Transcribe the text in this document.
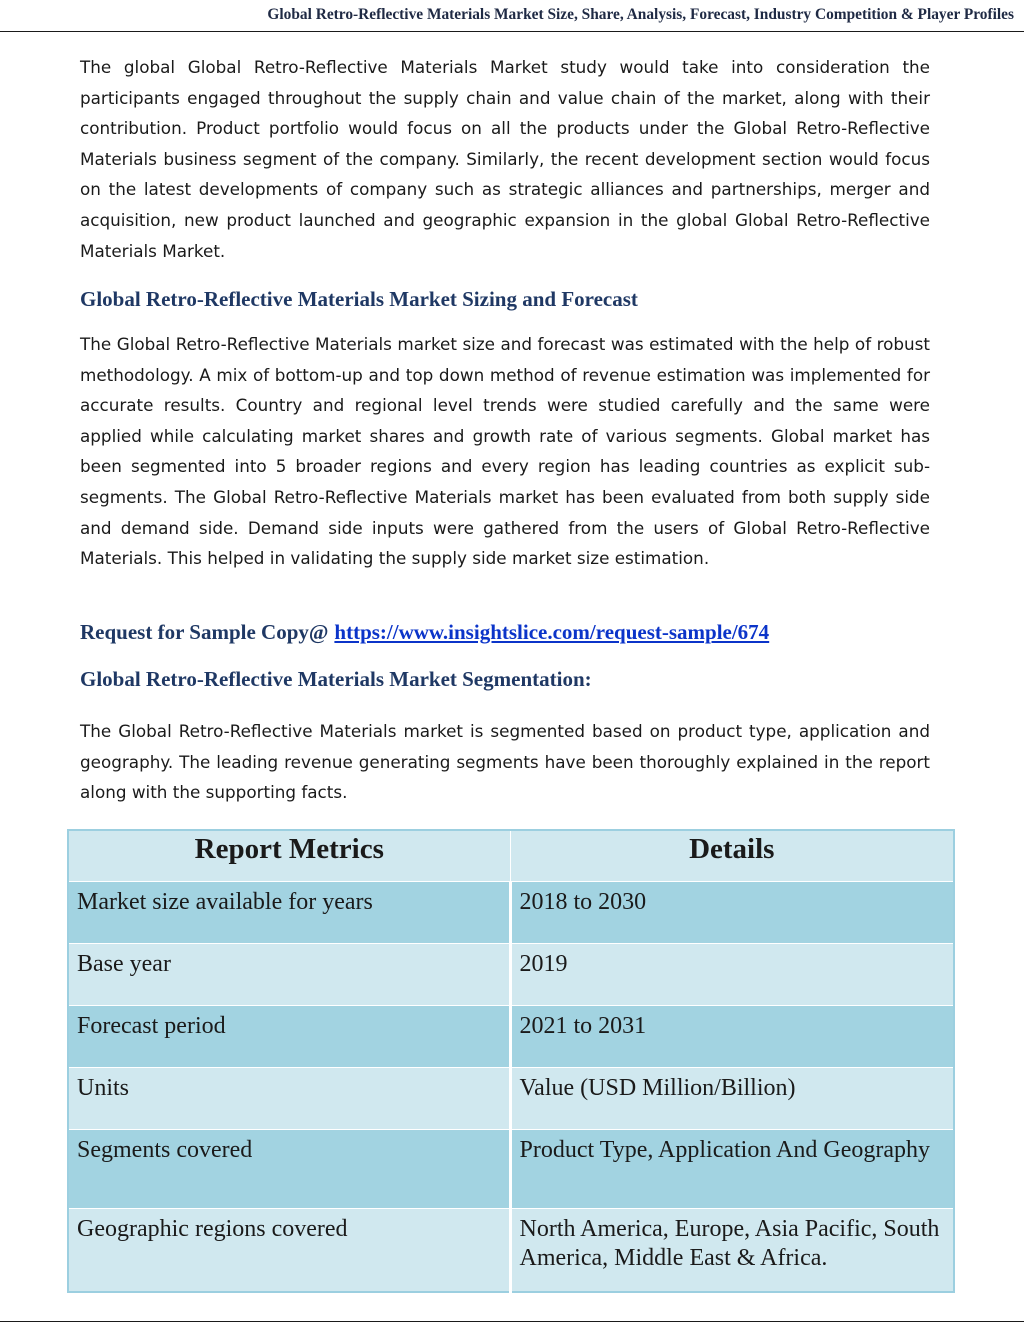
Global Retro-Reflective Materials Market Size, Share, Analysis, Forecast, Industry Competition & Player Profiles

The global Global Retro-Reflective Materials Market study would take into consideration the participants engaged throughout the supply chain and value chain of the market, along with their contribution. Product portfolio would focus on all the products under the Global Retro-Reflective Materials business segment of the company. Similarly, the recent development section would focus on the latest developments of company such as strategic alliances and partnerships, merger and acquisition, new product launched and geographic expansion in the global Global Retro-Reflective Materials Market.

Global Retro-Reflective Materials Market Sizing and Forecast

The Global Retro-Reflective Materials market size and forecast was estimated with the help of robust methodology. A mix of bottom-up and top down method of revenue estimation was implemented for accurate results. Country and regional level trends were studied carefully and the same were applied while calculating market shares and growth rate of various segments. Global market has been segmented into 5 broader regions and every region has leading countries as explicit sub-segments. The Global Retro-Reflective Materials market has been evaluated from both supply side and demand side. Demand side inputs were gathered from the users of Global Retro-Reflective Materials. This helped in validating the supply side market size estimation.

Request for Sample Copy@ https://www.insightslice.com/request-sample/674
Global Retro-Reflective Materials Market Segmentation:

The Global Retro-Reflective Materials market is segmented based on product type, application and geography. The leading revenue generating segments have been thoroughly explained in the report along with the supporting facts.

Report Metrics	Details
Market size available for years	2018 to 2030
Base year	2019
Forecast period	2021 to 2031
Units	Value (USD Million/Billion)
Segments covered	Product Type, Application And Geography
Geographic regions covered	North America, Europe, Asia Pacific, South America, Middle East & Africa.
